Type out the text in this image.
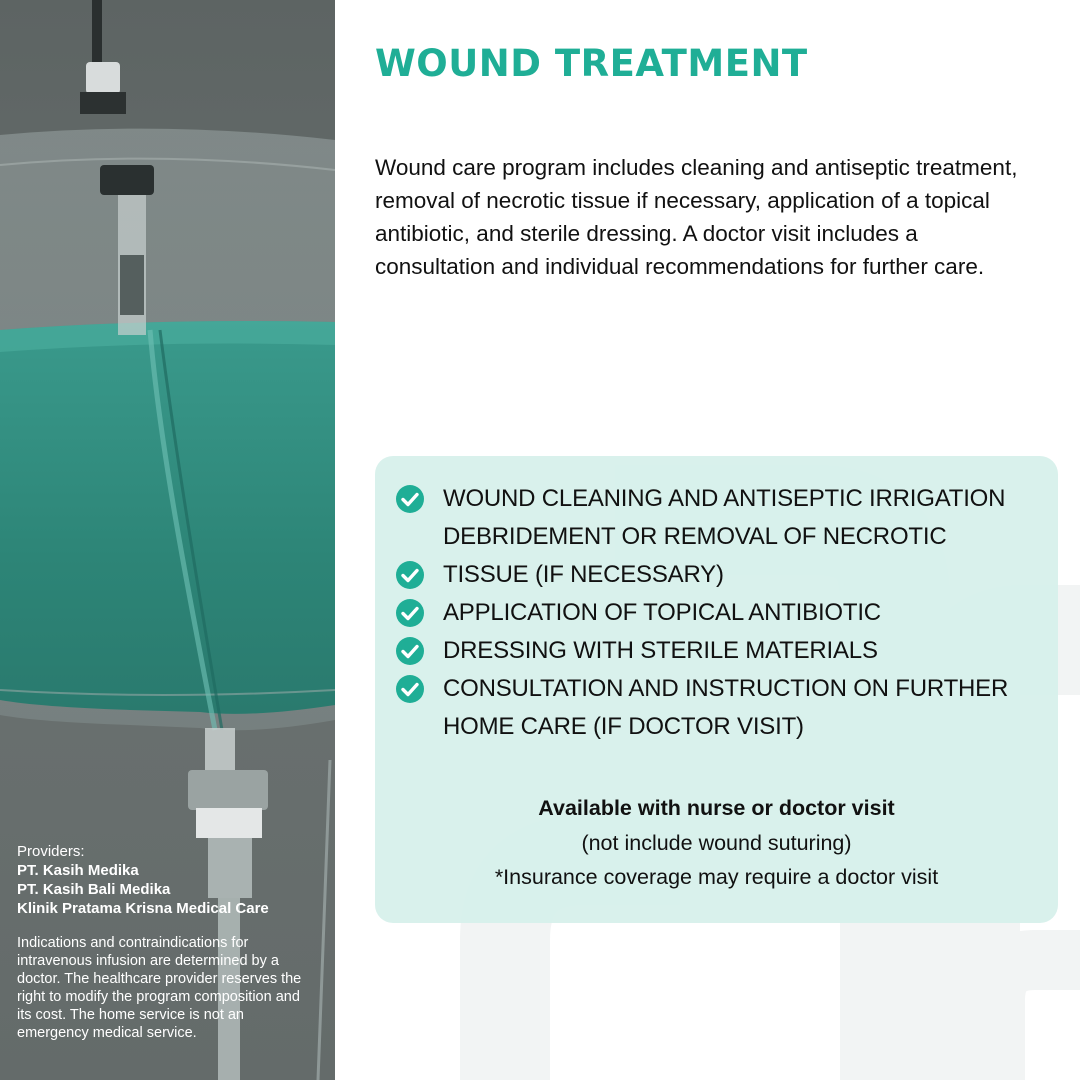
Providers:
PT. Kasih Medika
PT. Kasih Bali Medika
Klinik Pratama Krisna Medical Care
Indications and contraindications for intravenous infusion are determined by a doctor. The healthcare provider reserves the right to modify the program composition and its cost. The home service is not an emergency medical service.
WOUND TREATMENT
Wound care program includes cleaning and antiseptic treatment, removal of necrotic tissue if necessary, application of a topical antibiotic, and sterile dressing. A doctor visit includes a consultation and individual recommendations for further care.
WOUND CLEANING AND ANTISEPTIC IRRIGATION DEBRIDEMENT OR REMOVAL OF NECROTIC
TISSUE (IF NECESSARY)
APPLICATION OF TOPICAL ANTIBIOTIC
DRESSING WITH STERILE MATERIALS
CONSULTATION AND INSTRUCTION ON FURTHER HOME CARE (IF DOCTOR VISIT)
Available with nurse or doctor visit
(not include wound suturing)
*Insurance coverage may require a doctor visit
